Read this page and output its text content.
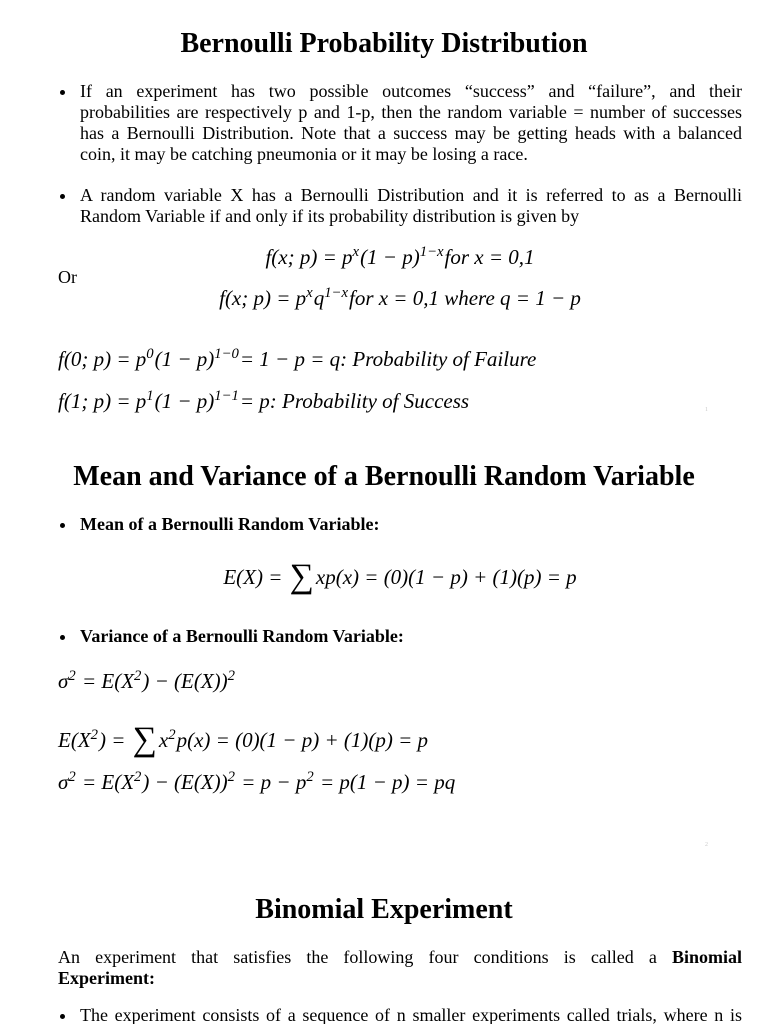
Bernoulli Probability Distribution
If an experiment has two possible outcomes “success” and “failure”, and their
probabilities are respectively p and 1-p, then the random variable = number of successes
has a Bernoulli Distribution. Note that a success may be getting heads with a balanced
coin, it may be catching pneumonia or it may be losing a race.
A random variable X has a Bernoulli Distribution and it is referred to as a Bernoulli
Random Variable if and only if its probability distribution is given by
f(x; $p) = p^x(1 - p)^{1-x}for$ x = 0,1
Or
f(x; $p) = p^xq^{1-x}for$ x = 0,1 where q = 1 − p
f(0; $p) = p^0(1 - p)^{1-0}= 1 - p = q$: Probability of Failure
f(1; $p) = p^1(1 - p)^{1-1}= p$: Probability of Success	1
Mean and Variance of a Bernoulli Random Variable
Mean of a Bernoulli Random Variable:
E(X) = ∑xp(x) = (0)(1 − p) + (1)(p) = p
Variance of a Bernoulli Random Variable:
$\sigma^2 = E(X^2) - (E(X))^2$
$E(X^2) = \sum x^2p(x) = (0)(1 - p) + (1)(p) = p$
$\sigma^2 = E(X^2) - (E(X))^2 = p - p^2 = p(1 - p)$ = pq
2
Binomial Experiment
An experiment that satisfies the following four conditions is called a Binomial
Experiment:
The experiment consists of a sequence of n smaller experiments called trials, where n is
